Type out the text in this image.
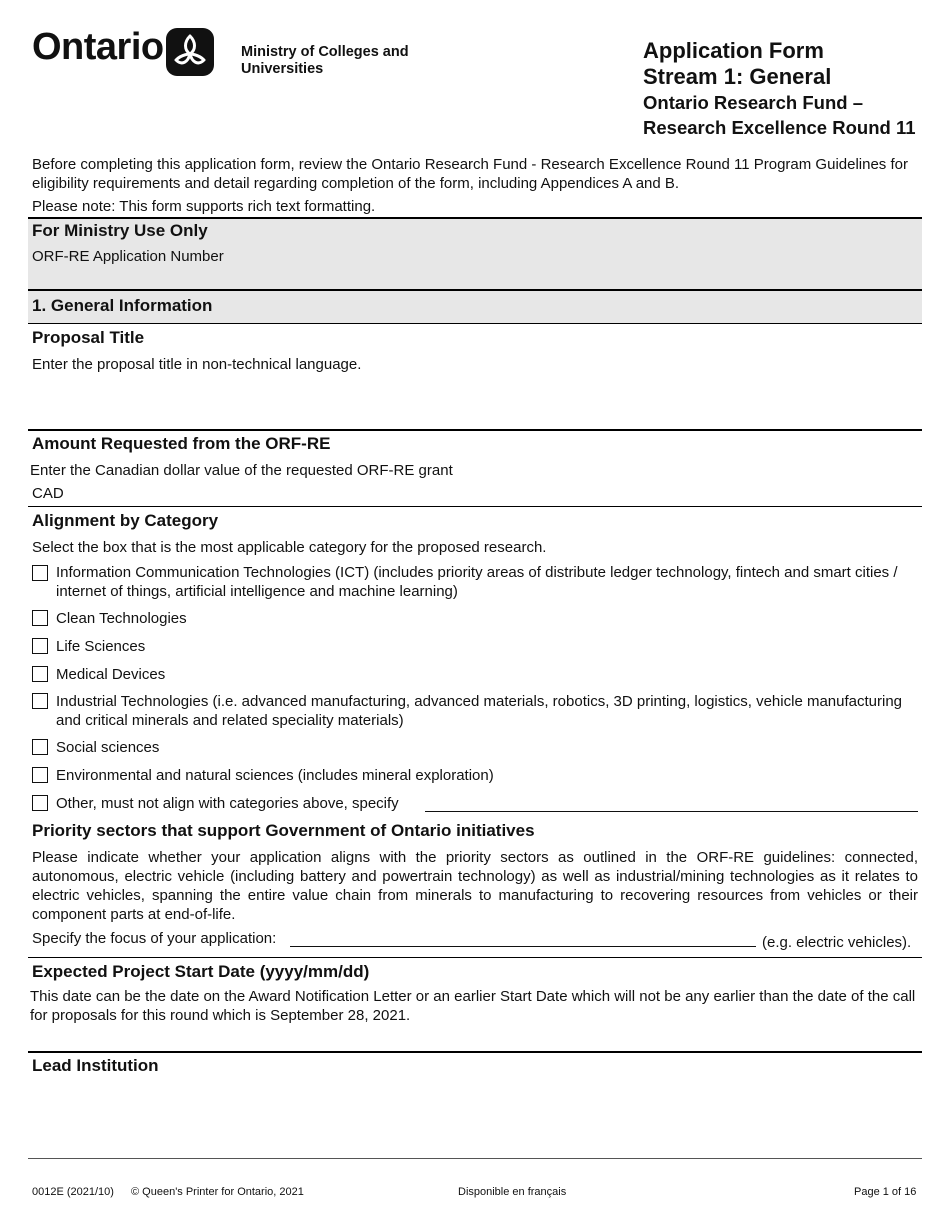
Ontario	Ministry of Colleges and Universities
Application Form
Stream 1: General
Ontario Research Fund –
Research Excellence Round 11
Before completing this application form, review the Ontario Research Fund - Research Excellence Round 11 Program Guidelines for eligibility requirements and detail regarding completion of the form, including Appendices A and B.
Please note: This form supports rich text formatting.
For Ministry Use Only
ORF-RE Application Number
1. General Information
Proposal Title
Enter the proposal title in non-technical language.
Amount Requested from the ORF-RE
Enter the Canadian dollar value of the requested ORF-RE grant
CAD
Alignment by Category
Select the box that is the most applicable category for the proposed research.
Information Communication Technologies (ICT) (includes priority areas of distribute ledger technology, fintech and smart cities / internet of things, artificial intelligence and machine learning)
Clean Technologies
Life Sciences
Medical Devices
Industrial Technologies (i.e. advanced manufacturing, advanced materials, robotics, 3D printing, logistics, vehicle manufacturing and critical minerals and related speciality materials)
Social sciences
Environmental and natural sciences (includes mineral exploration)
Other, must not align with categories above, specify
Priority sectors that support Government of Ontario initiatives
Please indicate whether your application aligns with the priority sectors as outlined in the ORF-RE guidelines: connected, autonomous, electric vehicle (including battery and powertrain technology) as well as industrial/mining technologies as it relates to electric vehicles, spanning the entire value chain from minerals to manufacturing to recovering resources from vehicles or their component parts at end-of-life.
Specify the focus of your application:	(e.g. electric vehicles).
Expected Project Start Date (yyyy/mm/dd)
This date can be the date on the Award Notification Letter or an earlier Start Date which will not be any earlier than the date of the call for proposals for this round which is September 28, 2021.
Lead Institution
0012E (2021/10) © Queen's Printer for Ontario, 2021	Disponible en français	Page 1 of 16
